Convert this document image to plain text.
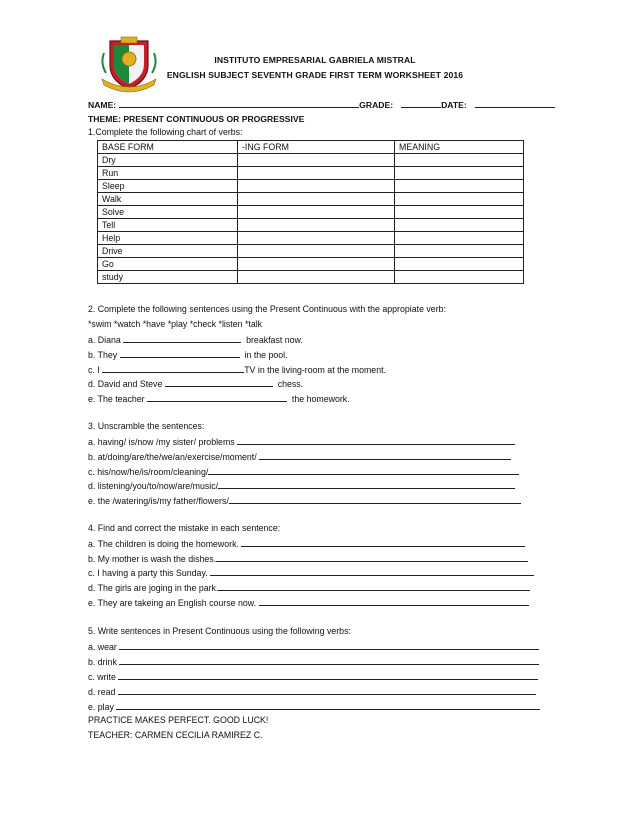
INSTITUTO EMPRESARIAL GABRIELA MISTRAL
ENGLISH SUBJECT SEVENTH GRADE FIRST TERM WORKSHEET 2016
NAME:	GRADE:	DATE:
THEME: PRESENT CONTINUOUS OR PROGRESSIVE
1.Complete the following chart of verbs:
BASE FORM	-ING FORM	MEANING
Dry		
Run		
Sleep		
Walk		
Solve		
Tell		
Help		
Drive		
Go		
study		
2. Complete the following sentences using the Present Continuous with the appropiate verb:
*swim *watch *have *play *check *listen *talk
a. Diana	breakfast now.
b. They	in the pool.
c. I	TV in the living-room at the moment.
d. David and Steve	chess.
e. The teacher	the homework.
3. Unscramble the sentences:
a. having/ is/now /my sister/ problems
b. at/doing/are/the/we/an/exercise/moment/
c. his/now/he/is/room/cleaning/
d. listening/you/to/now/are/music/
e. the /watering/is/my father/flowers/
4. Find and correct the mistake in each sentence:
a. The children is doing the homework.
b. My mother is wash the dishes.
c. I having a party this Sunday.
d. The girls are joging in the park.
e. They are takeing an English course now.
5. Write sentences in Present Continuous using the following verbs:
a. wear
b. drink
c. write
d. read
e. play
PRACTICE MAKES PERFECT. GOOD LUCK!
TEACHER: CARMEN CECILIA RAMIREZ C.
